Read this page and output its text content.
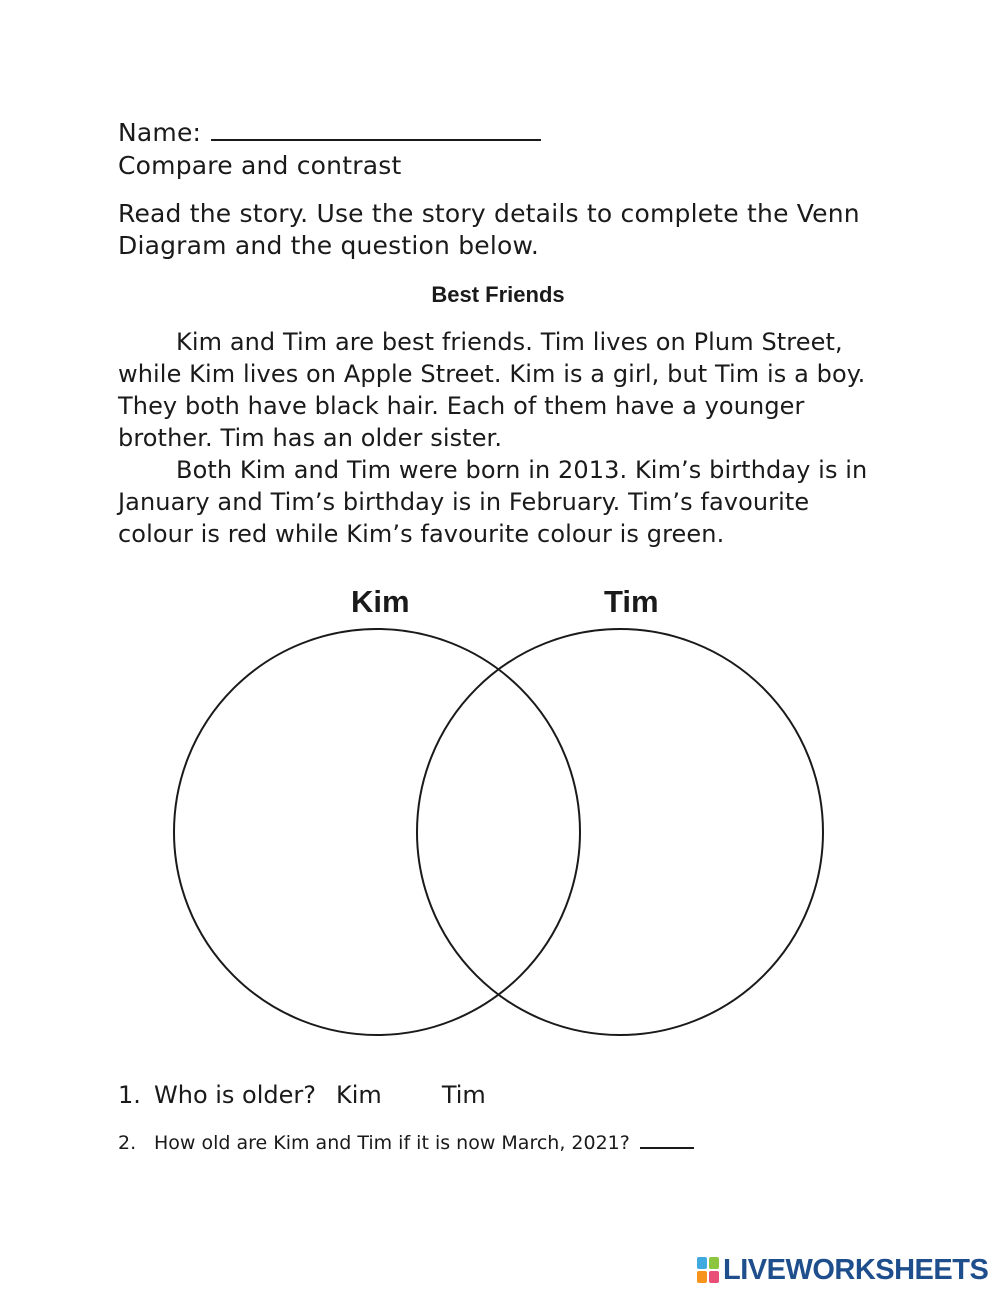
Name:
Compare and contrast
Read the story. Use the story details to complete the Venn
Diagram and the question below.
Best Friends
Kim and Tim are best friends. Tim lives on Plum Street,
while Kim lives on Apple Street. Kim is a girl, but Tim is a boy.
They both have black hair. Each of them have a younger
brother. Tim has an older sister.
Both Kim and Tim were born in 2013. Kim’s birthday is in
January and Tim’s birthday is in February. Tim’s favourite
colour is red while Kim’s favourite colour is green.
Kim	Tim
1. Who is older? Kim	Tim
2. How old are Kim and Tim if it is now March, 2021?
LIVEWORKSHEETS
